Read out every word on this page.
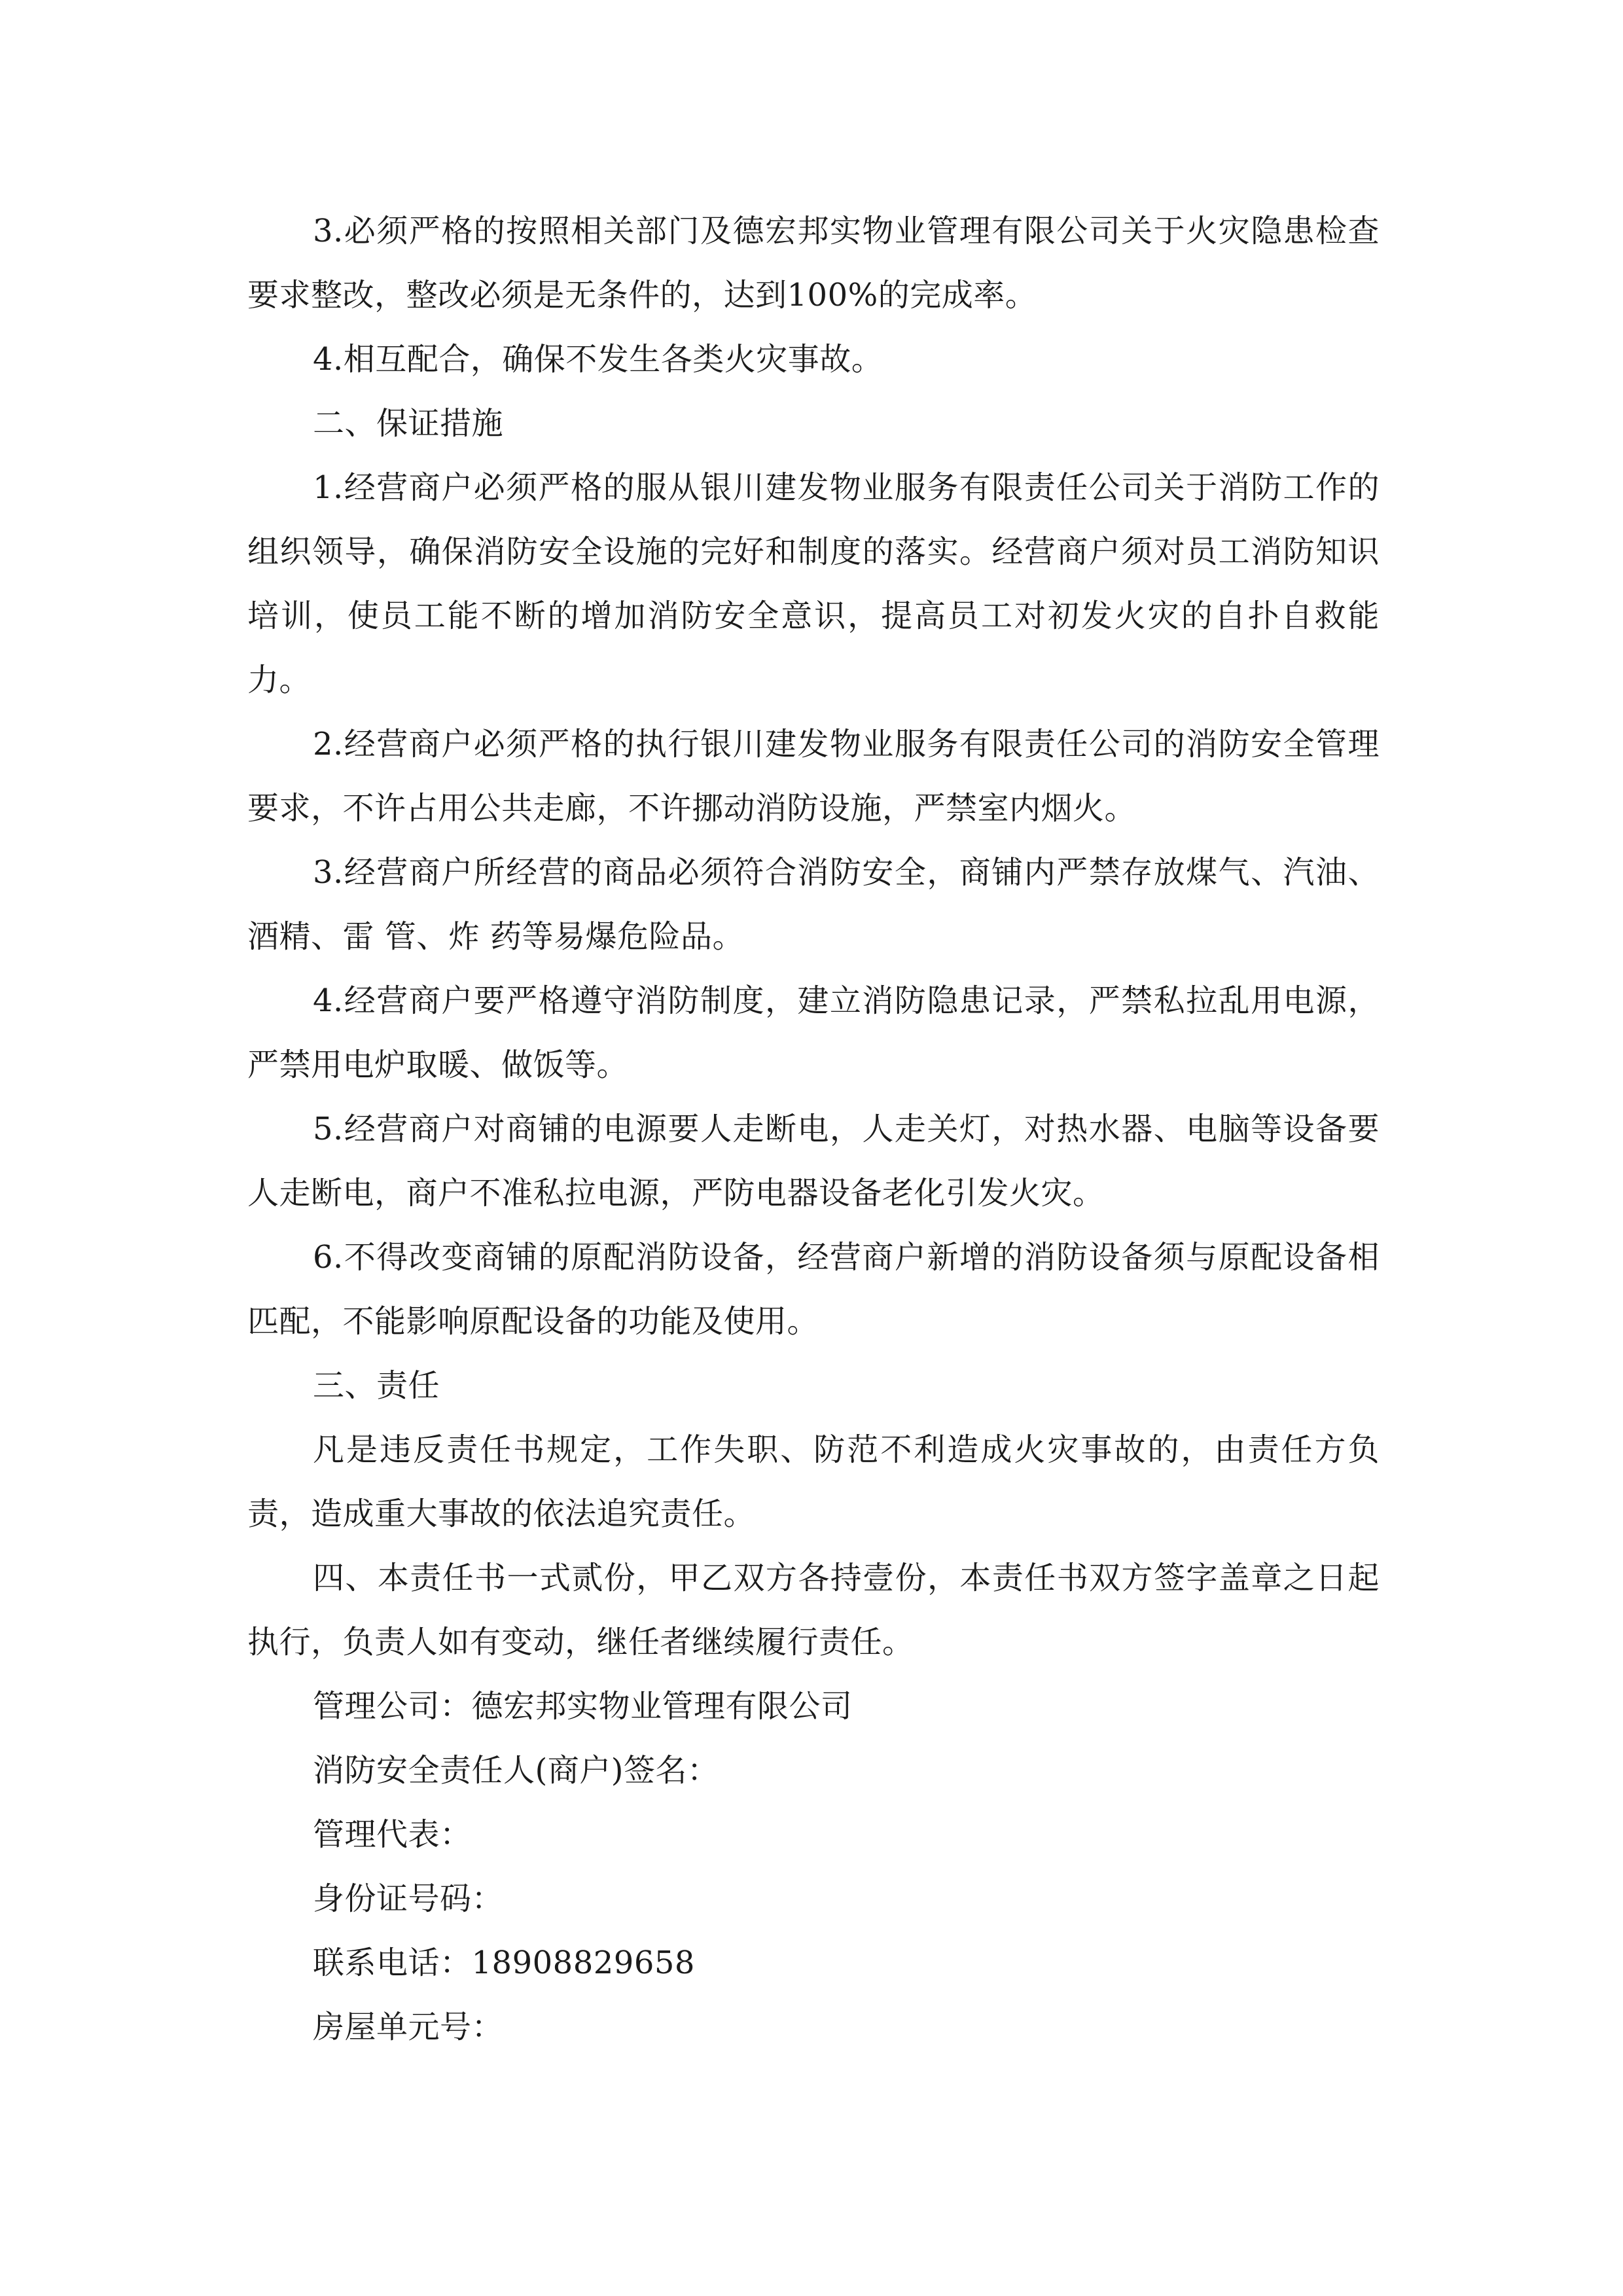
3.必须严格的按照相关部门及德宏邦实物业管理有限公司关于火灾隐患检查要求整改，整改必须是无条件的，达到100%的完成率。

4.相互配合，确保不发生各类火灾事故。

二、保证措施

1.经营商户必须严格的服从银川建发物业服务有限责任公司关于消防工作的组织领导，确保消防安全设施的完好和制度的落实。经营商户须对员工消防知识培训，使员工能不断的增加消防安全意识，提高员工对初发火灾的自扑自救能力。

2.经营商户必须严格的执行银川建发物业服务有限责任公司的消防安全管理要求，不许占用公共走廊，不许挪动消防设施，严禁室内烟火。

3.经营商户所经营的商品必须符合消防安全，商铺内严禁存放煤气、汽油、酒精、雷 管、炸 药等易爆危险品。

4.经营商户要严格遵守消防制度，建立消防隐患记录，严禁私拉乱用电源，严禁用电炉取暖、做饭等。

5.经营商户对商铺的电源要人走断电，人走关灯，对热水器、电脑等设备要人走断电，商户不准私拉电源，严防电器设备老化引发火灾。

6.不得改变商铺的原配消防设备，经营商户新增的消防设备须与原配设备相匹配，不能影响原配设备的功能及使用。

三、责任

凡是违反责任书规定，工作失职、防范不利造成火灾事故的，由责任方负责，造成重大事故的依法追究责任。

四、本责任书一式贰份，甲乙双方各持壹份，本责任书双方签字盖章之日起执行，负责人如有变动，继任者继续履行责任。

管理公司：德宏邦实物业管理有限公司

消防安全责任人(商户)签名：

管理代表：

身份证号码：

联系电话：18908829658

房屋单元号：
